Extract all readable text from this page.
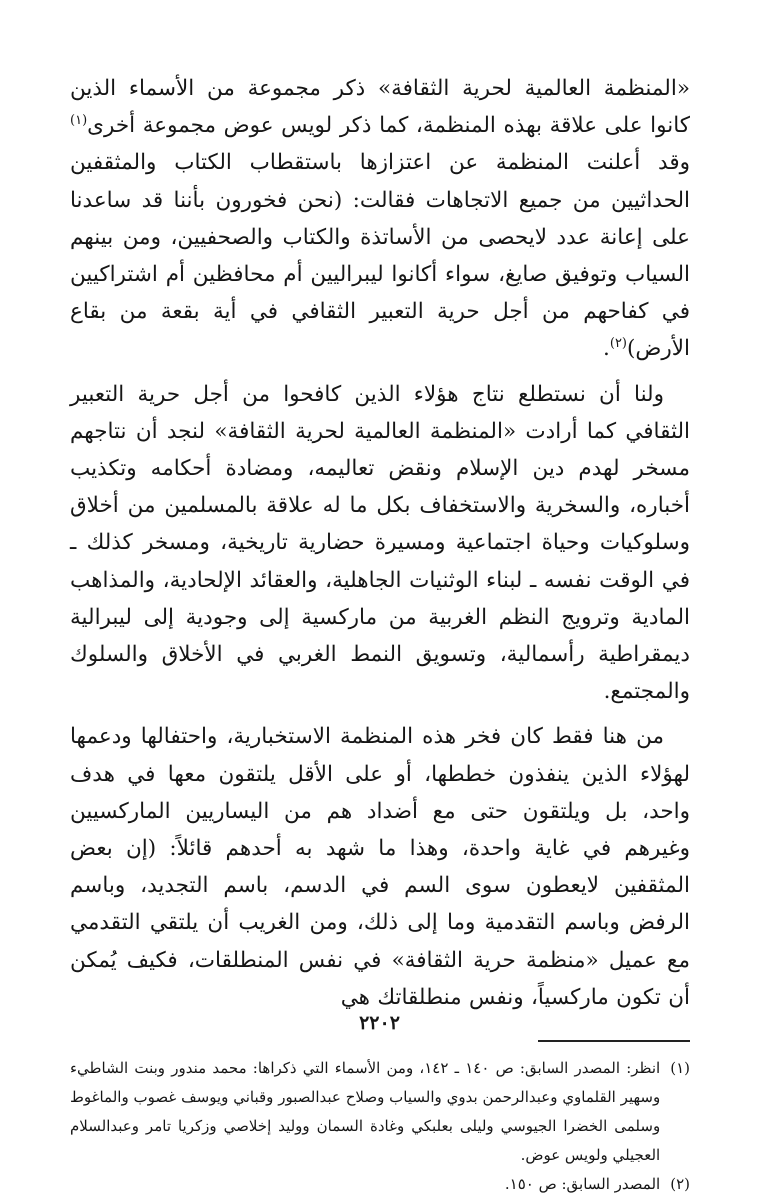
«المنظمة العالمية لحرية الثقافة» ذكر مجموعة من الأسماء الذين كانوا على علاقة بهذه المنظمة، كما ذكر لويس عوض مجموعة أخرى$^{(١)}$ وقد أعلنت المنظمة عن اعتزازها باستقطاب الكتاب والمثقفين الحداثيين من جميع الاتجاهات فقالت: (نحن فخورون بأننا قد ساعدنا على إعانة عدد لايحصى من الأساتذة والكتاب والصحفيين، ومن بينهم السياب وتوفيق صايغ، سواء أكانوا ليبراليين أم محافظين أم اشتراكيين في كفاحهم من أجل حرية التعبير الثقافي في أية بقعة من بقاع الأرض)$^{(٢)}$.

ولنا أن نستطلع نتاج هؤلاء الذين كافحوا من أجل حرية التعبير الثقافي كما أرادت «المنظمة العالمية لحرية الثقافة» لنجد أن نتاجهم مسخر لهدم دين الإسلام ونقض تعاليمه، ومضادة أحكامه وتكذيب أخباره، والسخرية والاستخفاف بكل ما له علاقة بالمسلمين من أخلاق وسلوكيات وحياة اجتماعية ومسيرة حضارية تاريخية، ومسخر كذلك ـ في الوقت نفسه ـ لبناء الوثنيات الجاهلية، والعقائد الإلحادية، والمذاهب المادية وترويج النظم الغربية من ماركسية إلى وجودية إلى ليبرالية ديمقراطية رأسمالية، وتسويق النمط الغربي في الأخلاق والسلوك والمجتمع.

من هنا فقط كان فخر هذه المنظمة الاستخبارية، واحتفالها ودعمها لهؤلاء الذين ينفذون خططها، أو على الأقل يلتقون معها في هدف واحد، بل ويلتقون حتى مع أضداد هم من اليساريين الماركسيين وغيرهم في غاية واحدة، وهذا ما شهد به أحدهم قائلاً: (إن بعض المثقفين لايعطون سوى السم في الدسم، باسم التجديد، وباسم الرفض وباسم التقدمية وما إلى ذلك، ومن الغريب أن يلتقي التقدمي مع عميل «منظمة حرية الثقافة» في نفس المنطلقات، فكيف يُمكن أن تكون ماركسياً، ونفس منطلقاتك هي

(١)
انظر: المصدر السابق: ص ١٤٠ ـ ١٤٢، ومن الأسماء التي ذكراها: محمد مندور وبنت الشاطيء وسهير القلماوي وعبدالرحمن بدوي والسياب وصلاح عبدالصبور وقباني ويوسف غصوب والماغوط وسلمى الخضرا الجيوسي وليلى بعلبكي وغادة السمان ووليد إخلاصي وزكريا تامر وعبدالسلام العجيلي ولويس عوض.
(٢)
المصدر السابق: ص ١٥٠.
٢٢٠٢
